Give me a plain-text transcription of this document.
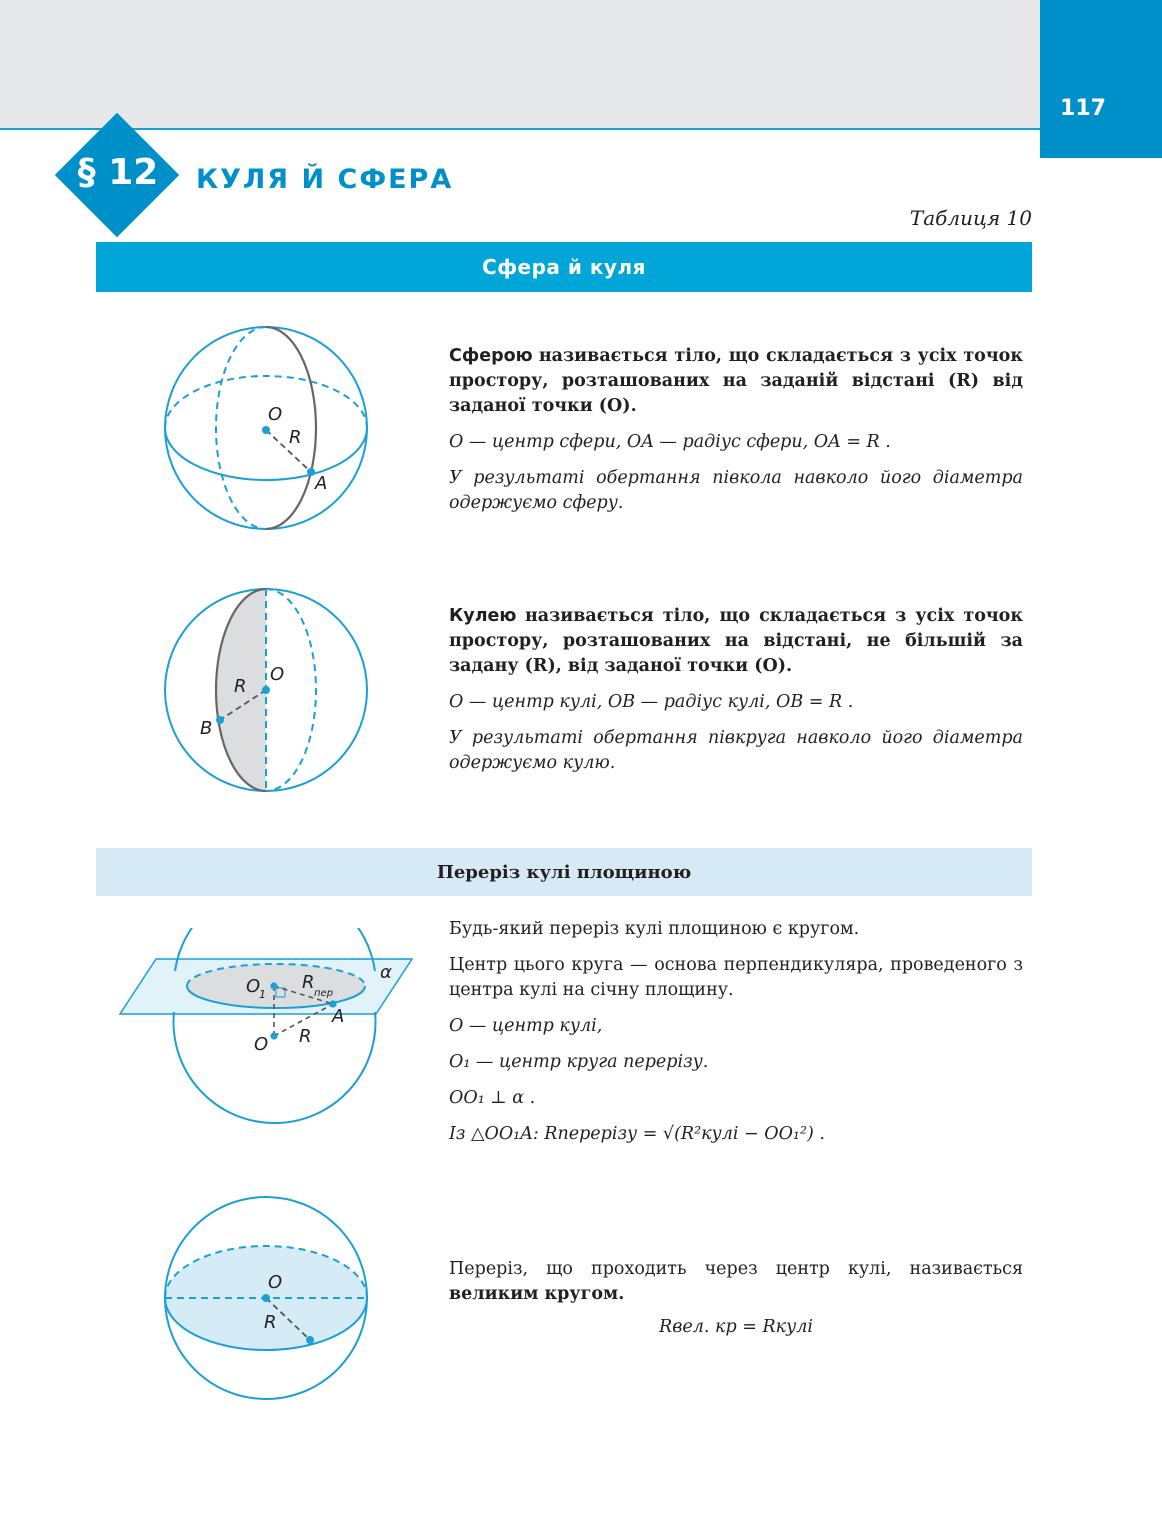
117
§ 12	КУЛЯ Й СФЕРА
Таблиця 10
Сфера й куля
O
R
A

Сферою називається тіло, що складається з усіх точок простору, розташованих на заданій відстані (R) від заданої точки (O).

O — центр сфери, OA — радіус сфери, OA = R .

У результаті обертання півкола навколо його діаметра одержуємо сферу.

O
R
B

Кулею називається тіло, що складається з усіх точок простору, розташованих на відстані, не більшій за задану (R), від заданої точки (O).

O — центр кулі, OB — радіус кулі, OB = R .

У результаті обертання півкруга навколо його діаметра одержуємо кулю.

Переріз кулі площиною
α
O
1
R
пер
A
O R

Будь-який переріз кулі площиною є кругом.

Центр цього круга — основа перпендикуляра, проведеного з центра кулі на січну площину.

O — центр кулі,

O₁ — центр круга перерізу.

OO₁ ⊥ α .

Із △OO₁A: Rперерізу = √(R²кулі − OO₁²) .

O
R

Переріз, що проходить через центр кулі, називається великим кругом.

Rвел. кр = Rкулі
